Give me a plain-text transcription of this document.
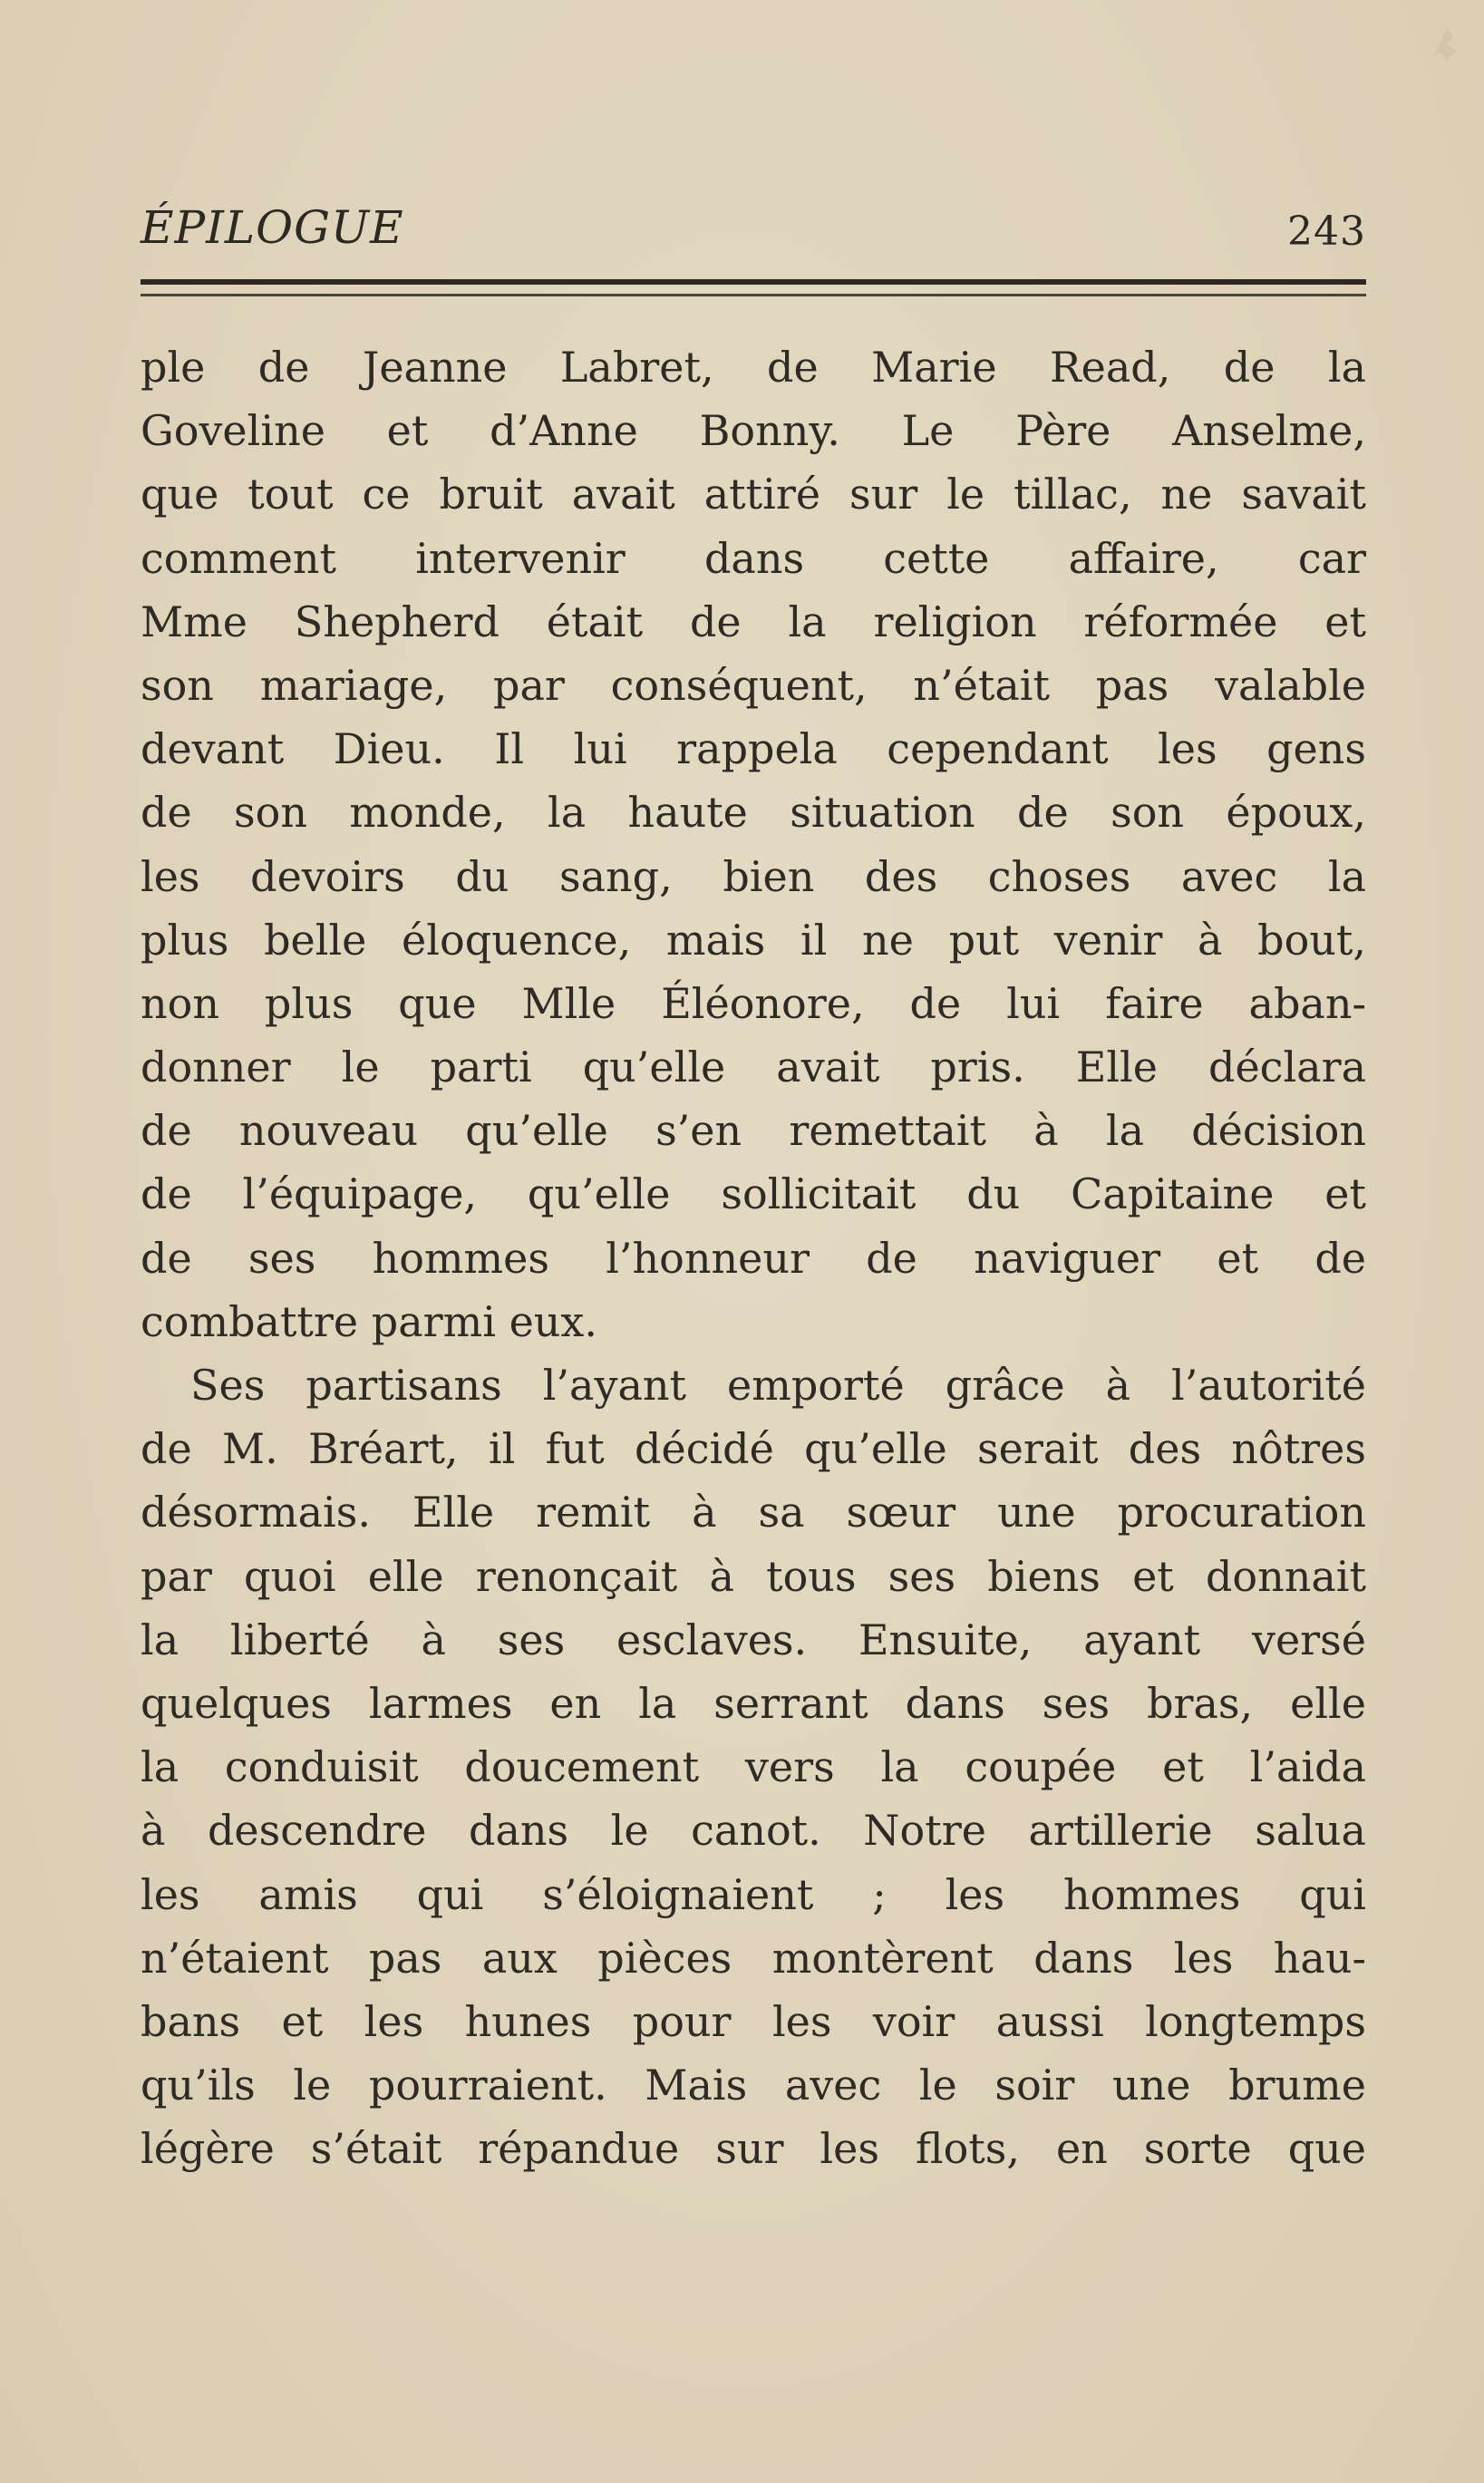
ÉPILOGUE	243
ple de Jeanne Labret, de Marie Read, de la
Goveline et d’Anne Bonny. Le Père Anselme,
que tout ce bruit avait attiré sur le tillac, ne savait
comment intervenir dans cette affaire, car
Mme Shepherd était de la religion réformée et
son mariage, par conséquent, n’était pas valable
devant Dieu. Il lui rappela cependant les gens
de son monde, la haute situation de son époux,
les devoirs du sang, bien des choses avec la
plus belle éloquence, mais il ne put venir à bout,
non plus que Mlle Éléonore, de lui faire aban-
donner le parti qu’elle avait pris. Elle déclara
de nouveau qu’elle s’en remettait à la décision
de l’équipage, qu’elle sollicitait du Capitaine et
de ses hommes l’honneur de naviguer et de
combattre parmi eux.
Ses partisans l’ayant emporté grâce à l’autorité
de M. Bréart, il fut décidé qu’elle serait des nôtres
désormais. Elle remit à sa sœur une procuration
par quoi elle renonçait à tous ses biens et donnait
la liberté à ses esclaves. Ensuite, ayant versé
quelques larmes en la serrant dans ses bras, elle
la conduisit doucement vers la coupée et l’aida
à descendre dans le canot. Notre artillerie salua
les amis qui s’éloignaient ; les hommes qui
n’étaient pas aux pièces montèrent dans les hau-
bans et les hunes pour les voir aussi longtemps
qu’ils le pourraient. Mais avec le soir une brume
légère s’était répandue sur les flots, en sorte que
